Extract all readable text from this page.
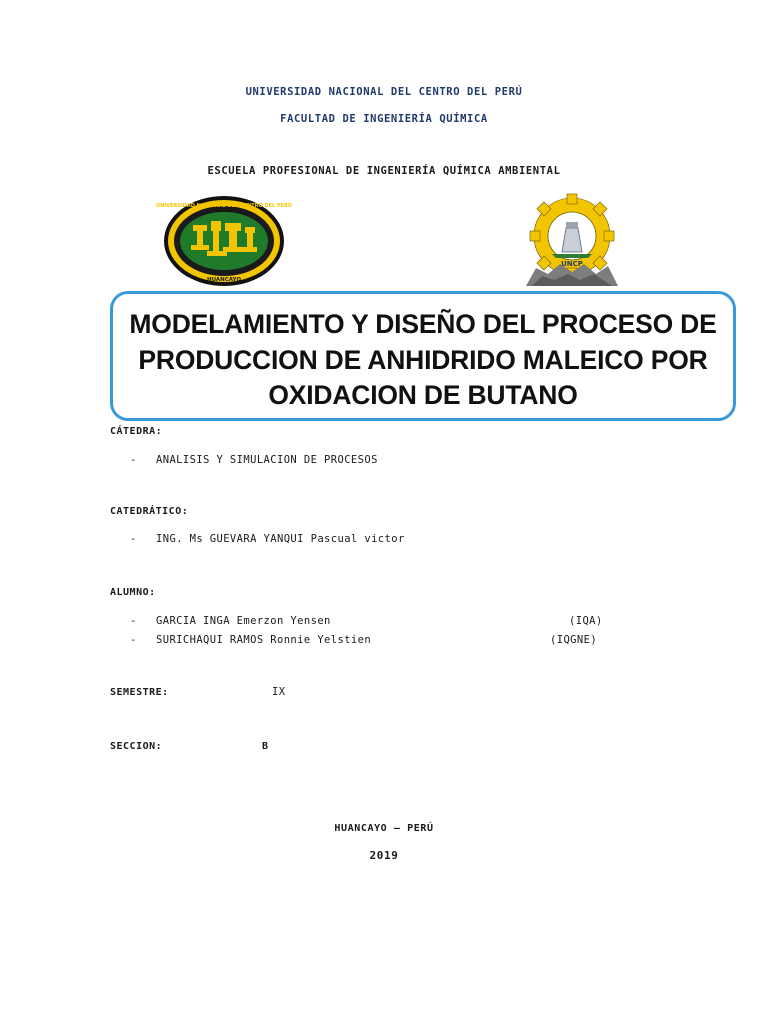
UNIVERSIDAD NACIONAL DEL CENTRO DEL PERÚ
FACULTAD DE INGENIERÍA QUÍMICA
ESCUELA PROFESIONAL DE INGENIERÍA QUÍMICA AMBIENTAL
UNIVERSIDAD NACIONAL DEL CENTRO DEL PERÚ
HUANCAYO
UNCP
MODELAMIENTO Y DISEÑO DEL PROCESO DE
PRODUCCION DE ANHIDRIDO MALEICO POR
OXIDACION DE BUTANO
CÁTEDRA:
- ANALISIS Y SIMULACION DE PROCESOS
CATEDRÁTICO:
- ING. Ms GUEVARA YANQUI Pascual victor
ALUMNO:
- GARCIA INGA Emerzon Yensen	(IQA)
- SURICHAQUI RAMOS Ronnie Yelstien	(IQGNE)
SEMESTRE:	IX
SECCION:	B
HUANCAYO – PERÚ
2019
